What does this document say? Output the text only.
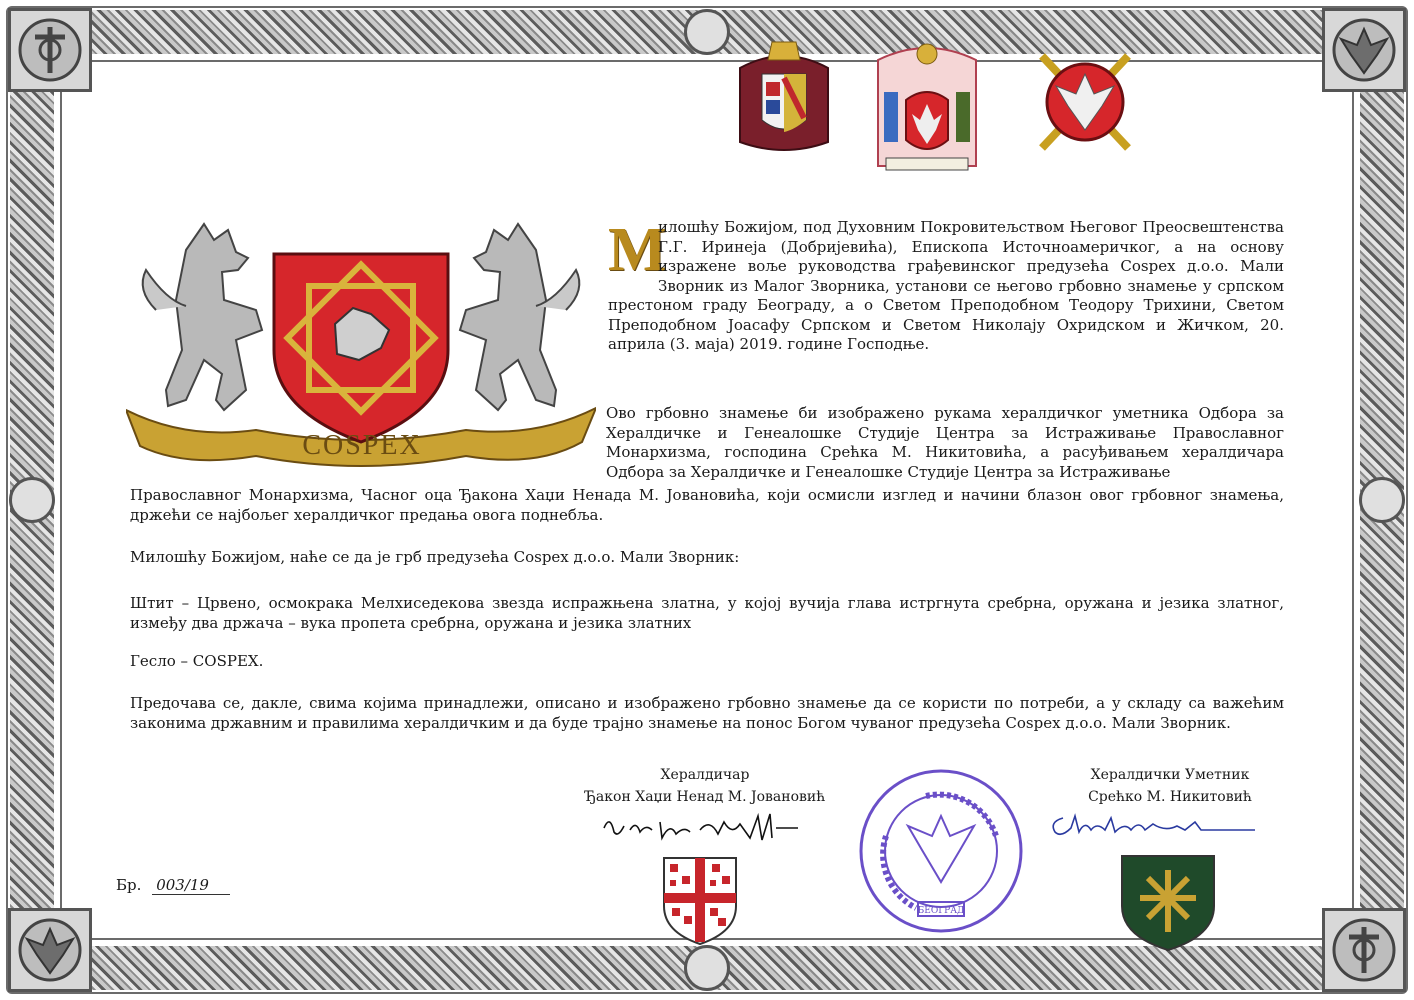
COSPEX
М
илошћу Божијом, под Духовним Покровитељством Његовог Преосвештенства Г.Г. Иринеја (Добријевића), Епископа Источноамеричког, а на основу изражене воље руководства грађевинског предузећа Cospex д.о.о. Мали Зворник из Малог Зворника, установи се његово грбовно знамење у српском престоном граду Београду, а о Светом Преподобном Теодору Трихини, Светом Преподобном Јоасафу Српском и Светом Николају Охридском и Жичком, 20. априла (3. маја) 2019. године Господње.
Ово грбовно знамење би изображено рукама хералдичког уметника Одбора за Хералдичке и Генеалошке Студије Центра за Истраживање Православног Монархизма, господина Срећка М. Никитовића, а расуђивањем хералдичара Одбора за Хералдичке и Генеалошке Студије Центра за Истраживање
Православног Монархизма, Часног оца Ђакона Хаџи Ненада М. Јовановића, који осмисли изглед и начини блазон овог грбовног знамења, држећи се најбољег хералдичког предања овога поднебља.
Милошћу Божијом, наће се да је грб предузећа Cospex д.о.о. Мали Зворник:
Штит – Црвено, осмокрака Мелхиседекова звезда испражњена златна, у којој вучија глава истргнута сребрна, оружана и језика златног, између два држача – вука пропета сребрна, оружана и језика златних
Гесло – COSPEX.
Предочава се, дакле, свима којима принадлежи, описано и изображено грбовно знамење да се користи по потреби, а у складу са важећим законима државним и правилима хералдичким и да буде трајно знамење на понос Богом чуваног предузећа Cospex д.о.о. Мали Зворник.
Хералдичар
Ђакон Хаџи Ненад М. Јовановић
БЕОГРАД
Хералдички Уметник
Срећко М. Никитовић
Бр. 003/19
